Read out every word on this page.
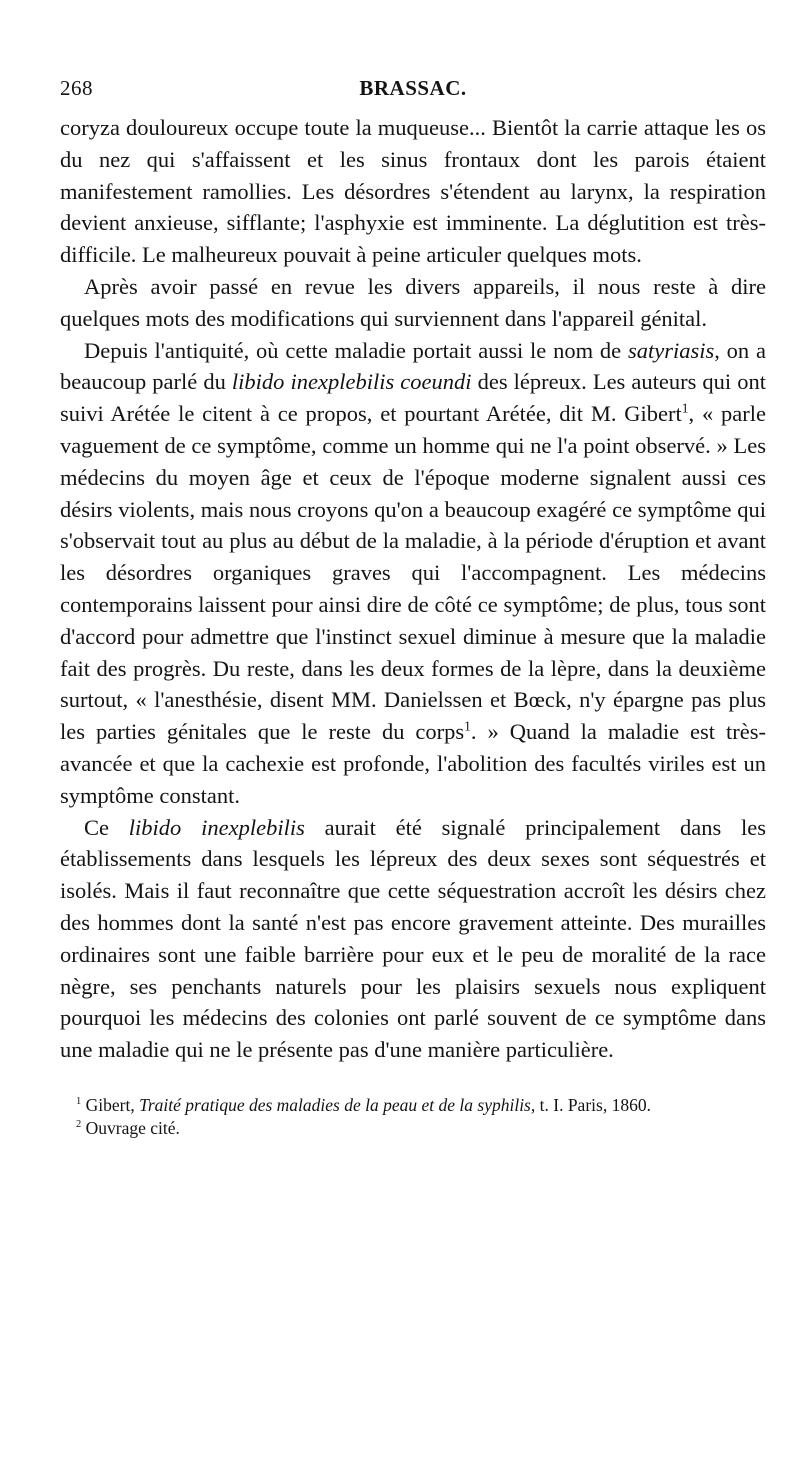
268	BRASSAC.

coryza douloureux occupe toute la muqueuse... Bientôt la carrie attaque les os du nez qui s'affaissent et les sinus frontaux dont les parois étaient manifestement ramollies. Les désordres s'étendent au larynx, la respiration devient anxieuse, sifflante; l'asphyxie est imminente. La déglutition est très-difficile. Le malheureux pouvait à peine articuler quelques mots.

Après avoir passé en revue les divers appareils, il nous reste à dire quelques mots des modifications qui surviennent dans l'appareil génital.

Depuis l'antiquité, où cette maladie portait aussi le nom de satyriasis, on a beaucoup parlé du libido inexplebilis coeundi des lépreux. Les auteurs qui ont suivi Arétée le citent à ce propos, et pourtant Arétée, dit M. Gibert$^1$, « parle vaguement de ce symptôme, comme un homme qui ne l'a point observé. » Les médecins du moyen âge et ceux de l'époque moderne signalent aussi ces désirs violents, mais nous croyons qu'on a beaucoup exagéré ce symptôme qui s'observait tout au plus au début de la maladie, à la période d'éruption et avant les désordres organiques graves qui l'accompagnent. Les médecins contemporains laissent pour ainsi dire de côté ce symptôme; de plus, tous sont d'accord pour admettre que l'instinct sexuel diminue à mesure que la maladie fait des progrès. Du reste, dans les deux formes de la lèpre, dans la deuxième surtout, « l'anesthésie, disent MM. Danielssen et Bœck, n'y épargne pas plus les parties génitales que le reste du corps$^1$. » Quand la maladie est très-avancée et que la cachexie est profonde, l'abolition des facultés viriles est un symptôme constant.

Ce libido inexplebilis aurait été signalé principalement dans les établissements dans lesquels les lépreux des deux sexes sont séquestrés et isolés. Mais il faut reconnaître que cette séquestration accroît les désirs chez des hommes dont la santé n'est pas encore gravement atteinte. Des murailles ordinaires sont une faible barrière pour eux et le peu de moralité de la race nègre, ses penchants naturels pour les plaisirs sexuels nous expliquent pourquoi les médecins des colonies ont parlé souvent de ce symptôme dans une maladie qui ne le présente pas d'une manière particulière.

$^1$ Gibert, Traité pratique des maladies de la peau et de la syphilis, t. I. Paris, 1860.

$^2$ Ouvrage cité.
